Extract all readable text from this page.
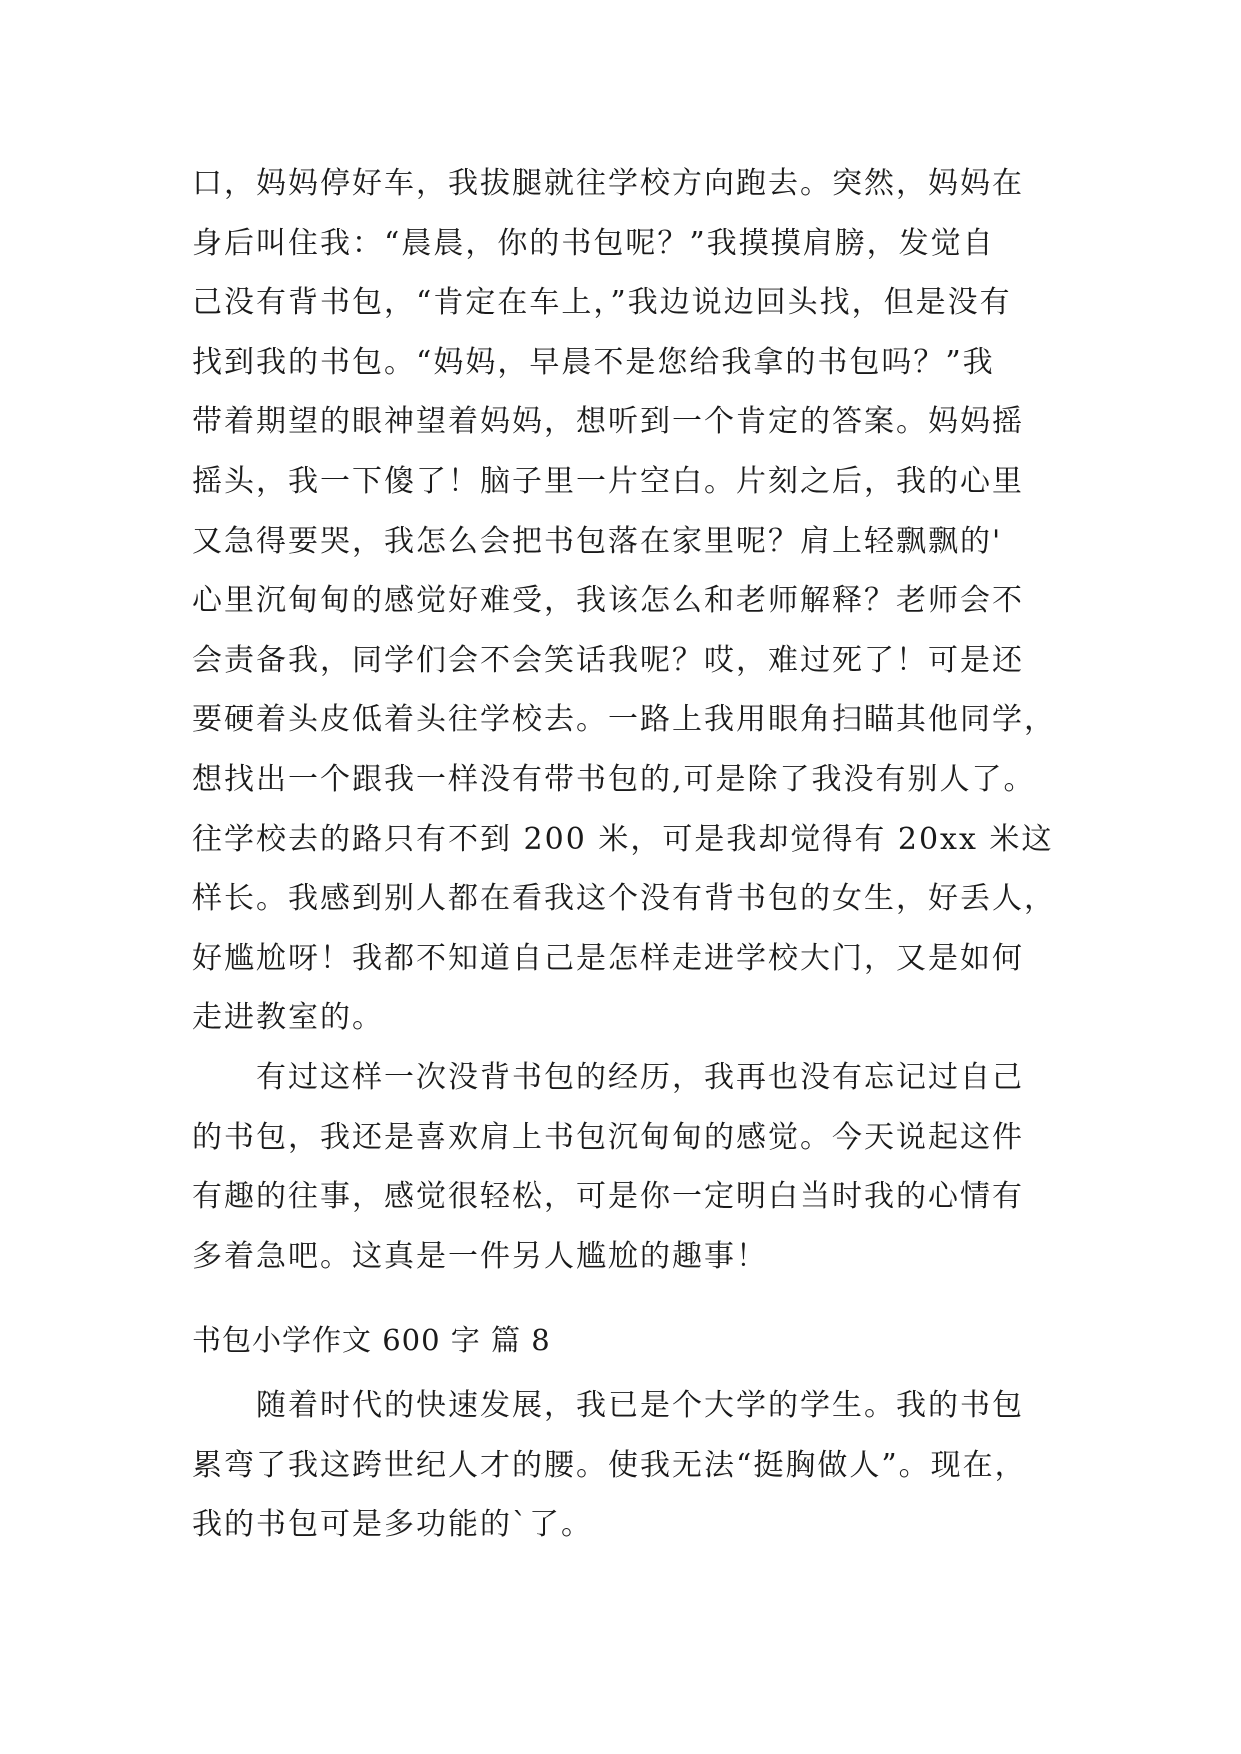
口，妈妈停好车，我拔腿就往学校方向跑去。突然，妈妈在
身后叫住我：“晨晨，你的书包呢？”我摸摸肩膀，发觉自
己没有背书包，“肯定在车上，”我边说边回头找，但是没有
找到我的书包。“妈妈，早晨不是您给我拿的书包吗？”我
带着期望的眼神望着妈妈，想听到一个肯定的答案。妈妈摇
摇头，我一下傻了！脑子里一片空白。片刻之后，我的心里
又急得要哭，我怎么会把书包落在家里呢？肩上轻飘飘的'
心里沉甸甸的感觉好难受，我该怎么和老师解释？老师会不
会责备我，同学们会不会笑话我呢？哎，难过死了！可是还
要硬着头皮低着头往学校去。一路上我用眼角扫瞄其他同学，
想找出一个跟我一样没有带书包的,可是除了我没有别人了。
往学校去的路只有不到 200 米，可是我却觉得有 20xx 米这
样长。我感到别人都在看我这个没有背书包的女生，好丢人，
好尴尬呀！我都不知道自己是怎样走进学校大门，又是如何
走进教室的。
有过这样一次没背书包的经历，我再也没有忘记过自己
的书包，我还是喜欢肩上书包沉甸甸的感觉。今天说起这件
有趣的往事，感觉很轻松，可是你一定明白当时我的心情有
多着急吧。这真是一件另人尴尬的趣事！
书包小学作文 600 字 篇 8
随着时代的快速发展，我已是个大学的学生。我的书包
累弯了我这跨世纪人才的腰。使我无法“挺胸做人”。现在，
我的书包可是多功能的`了。
